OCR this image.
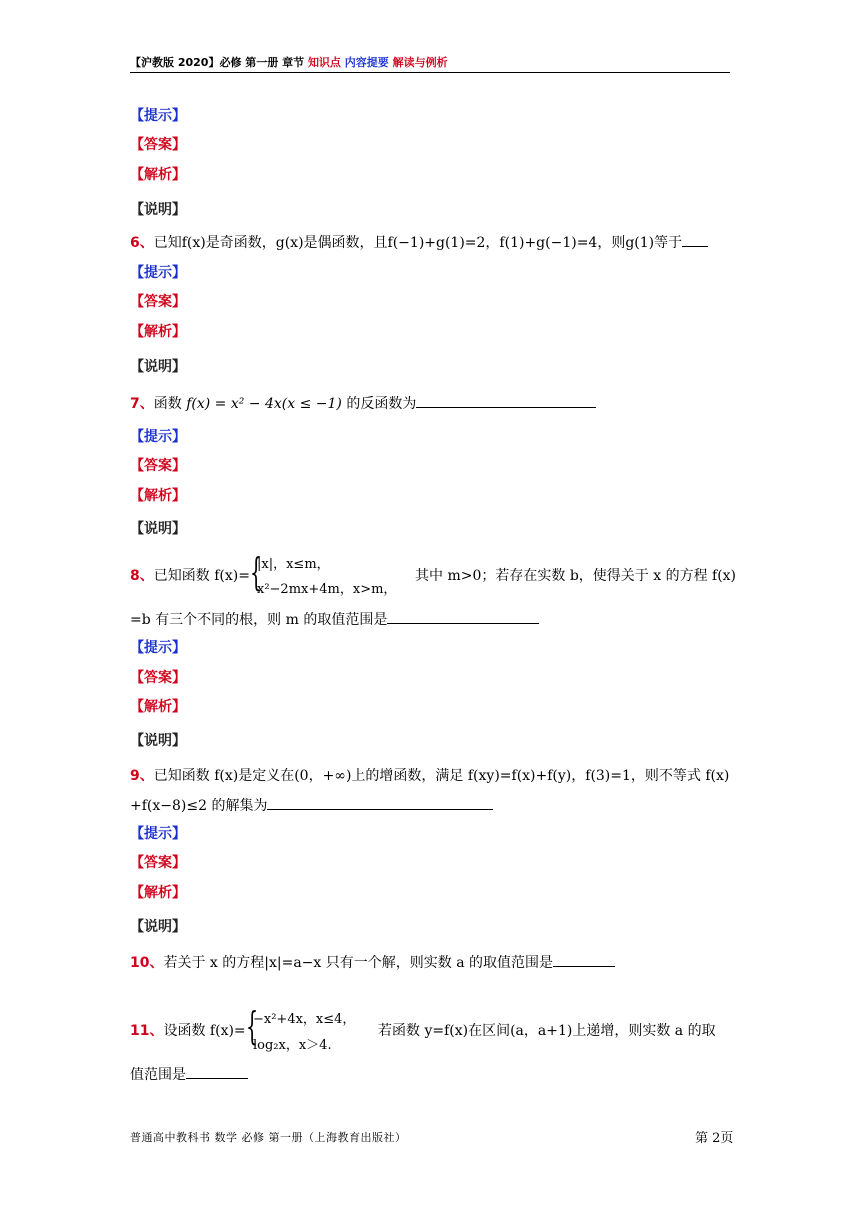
【沪教版 2020】必修 第一册 章节 知识点 内容提要 解读与例析
【提示】
【答案】
【解析】
【说明】
6、已知f(x)是奇函数，g(x)是偶函数，且f(−1)+g(1)=2，f(1)+g(−1)=4，则g(1)等于
【提示】
【答案】
【解析】
【说明】
7、函数 f(x) = x² − 4x(x ≤ −1) 的反函数为
【提示】
【答案】
【解析】
【说明】
8、已知函数 f(x)= {
|x|，x≤m，
x²−2mx+4m，x>m，
其中 m>0；若存在实数 b，使得关于 x 的方程 f(x)
=b 有三个不同的根，则 m 的取值范围是
【提示】
【答案】
【解析】
【说明】
9、已知函数 f(x)是定义在(0，+∞)上的增函数，满足 f(xy)=f(x)+f(y)，f(3)=1，则不等式 f(x)
+f(x−8)≤2 的解集为
【提示】
【答案】
【解析】
【说明】
10、若关于 x 的方程|x|=a−x 只有一个解，则实数 a 的取值范围是
11、设函数 f(x)= {
−x²+4x，x≤4，
log₂x，x＞4.
若函数 y=f(x)在区间(a，a+1)上递增，则实数 a 的取
值范围是
普通高中教科书 数学 必修 第一册（上海教育出版社）	第 2页
